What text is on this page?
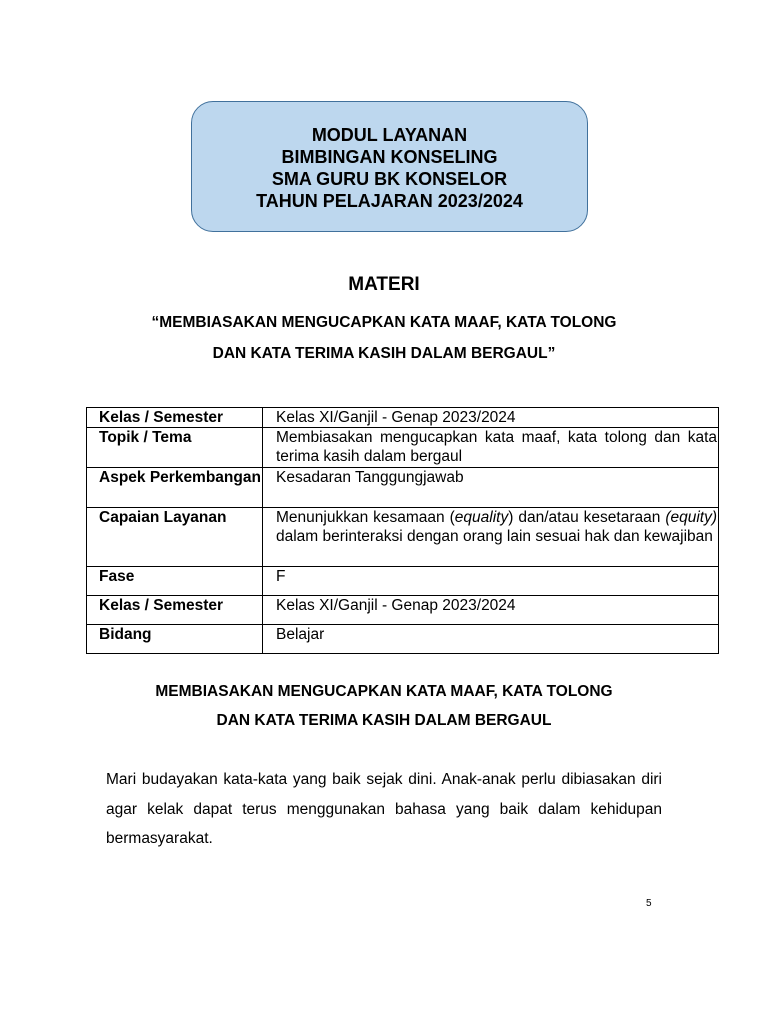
MODUL LAYANAN
BIMBINGAN KONSELING
SMA GURU BK KONSELOR
TAHUN PELAJARAN 2023/2024
MATERI
“MEMBIASAKAN MENGUCAPKAN KATA MAAF, KATA TOLONG
DAN KATA TERIMA KASIH DALAM BERGAUL”
Kelas / Semester	Kelas XI/Ganjil - Genap 2023/2024
Topik / Tema	Membiasakan mengucapkan kata maaf, kata tolong dan kata terima kasih dalam bergaul
Aspek Perkembangan	Kesadaran Tanggungjawab
Capaian Layanan	Menunjukkan kesamaan (equality) dan/atau kesetaraan (equity) dalam berinteraksi dengan orang lain sesuai hak dan kewajiban
Fase	F
Kelas / Semester	Kelas XI/Ganjil - Genap 2023/2024
Bidang	Belajar
MEMBIASAKAN MENGUCAPKAN KATA MAAF, KATA TOLONG
DAN KATA TERIMA KASIH DALAM BERGAUL
Mari budayakan kata-kata yang baik sejak dini. Anak-anak perlu dibiasakan diri agar kelak dapat terus menggunakan bahasa yang baik dalam kehidupan bermasyarakat.
5
